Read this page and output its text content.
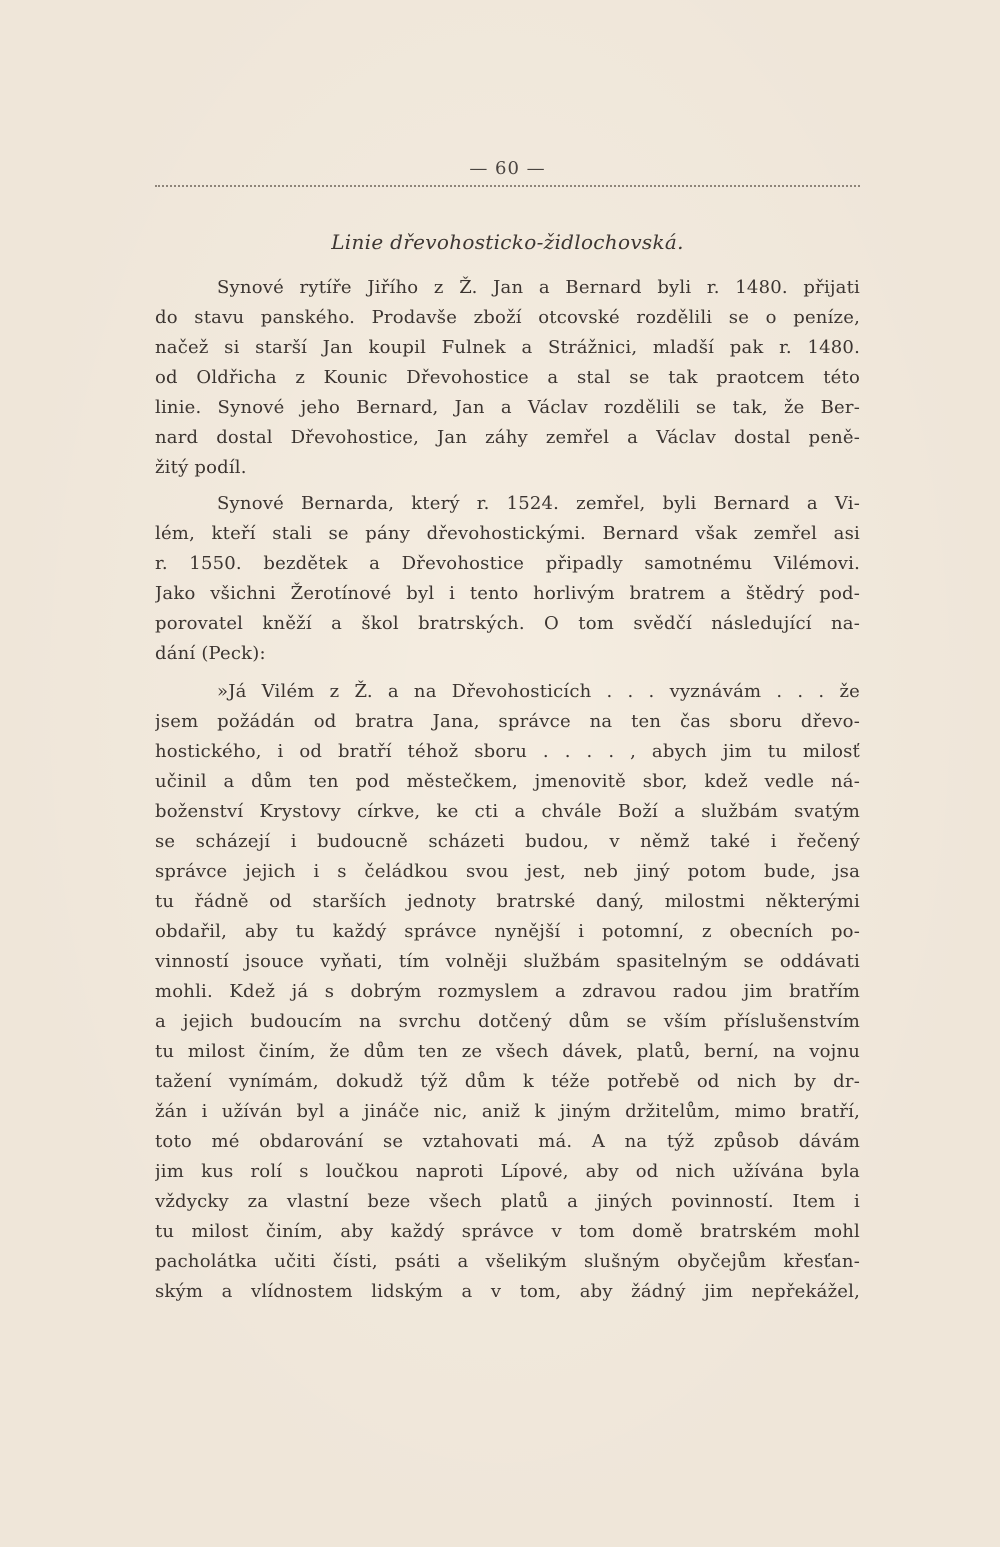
— 60 —
Linie dřevohosticko-židlochovská.
Synové rytíře Jiřího z Ž. Jan a Bernard byli r. 1480. přijati
do stavu panského. Prodavše zboží otcovské rozdělili se o peníze,
načež si starší Jan koupil Fulnek a Strážnici, mladší pak r. 1480.
od Oldřicha z Kounic Dřevohostice a stal se tak praotcem této
linie. Synové jeho Bernard, Jan a Václav rozdělili se tak, že Ber-
nard dostal Dřevohostice, Jan záhy zemřel a Václav dostal peně-
žitý podíl.
Synové Bernarda, který r. 1524. zemřel, byli Bernard a Vi-
lém, kteří stali se pány dřevohostickými. Bernard však zemřel asi
r. 1550. bezdětek a Dřevohostice připadly samotnému Vilémovi.
Jako všichni Žerotínové byl i tento horlivým bratrem a štědrý pod-
porovatel kněží a škol bratrských. O tom svědčí následující na-
dání (Peck):
»Já Vilém z Ž. a na Dřevohosticích . . . vyznávám . . . že
jsem požádán od bratra Jana, správce na ten čas sboru dřevo-
hostického, i od bratří téhož sboru . . . . , abych jim tu milosť
učinil a dům ten pod městečkem, jmenovitě sbor, kdež vedle ná-
boženství Krystovy církve, ke cti a chvále Boží a službám svatým
se scházejí i budoucně scházeti budou, v němž také i řečený
správce jejich i s čeládkou svou jest, neb jiný potom bude, jsa
tu řádně od starších jednoty bratrské daný, milostmi některými
obdařil, aby tu každý správce nynější i potomní, z obecních po-
vinností jsouce vyňati, tím volněji službám spasitelným se oddávati
mohli. Kdež já s dobrým rozmyslem a zdravou radou jim bratřím
a jejich budoucím na svrchu dotčený dům se vším příslušenstvím
tu milost činím, že dům ten ze všech dávek, platů, berní, na vojnu
tažení vynímám, dokudž týž dům k téže potřebě od nich by dr-
žán i užíván byl a jináče nic, aniž k jiným držitelům, mimo bratří,
toto mé obdarování se vztahovati má. A na týž způsob dávám
jim kus rolí s loučkou naproti Lípové, aby od nich užívána byla
vždycky za vlastní beze všech platů a jiných povinností. Item i
tu milost činím, aby každý správce v tom domě bratrském mohl
pacholátka učiti čísti, psáti a všelikým slušným obyčejům křesťan-
ským a vlídnostem lidským a v tom, aby žádný jim nepřekážel,
